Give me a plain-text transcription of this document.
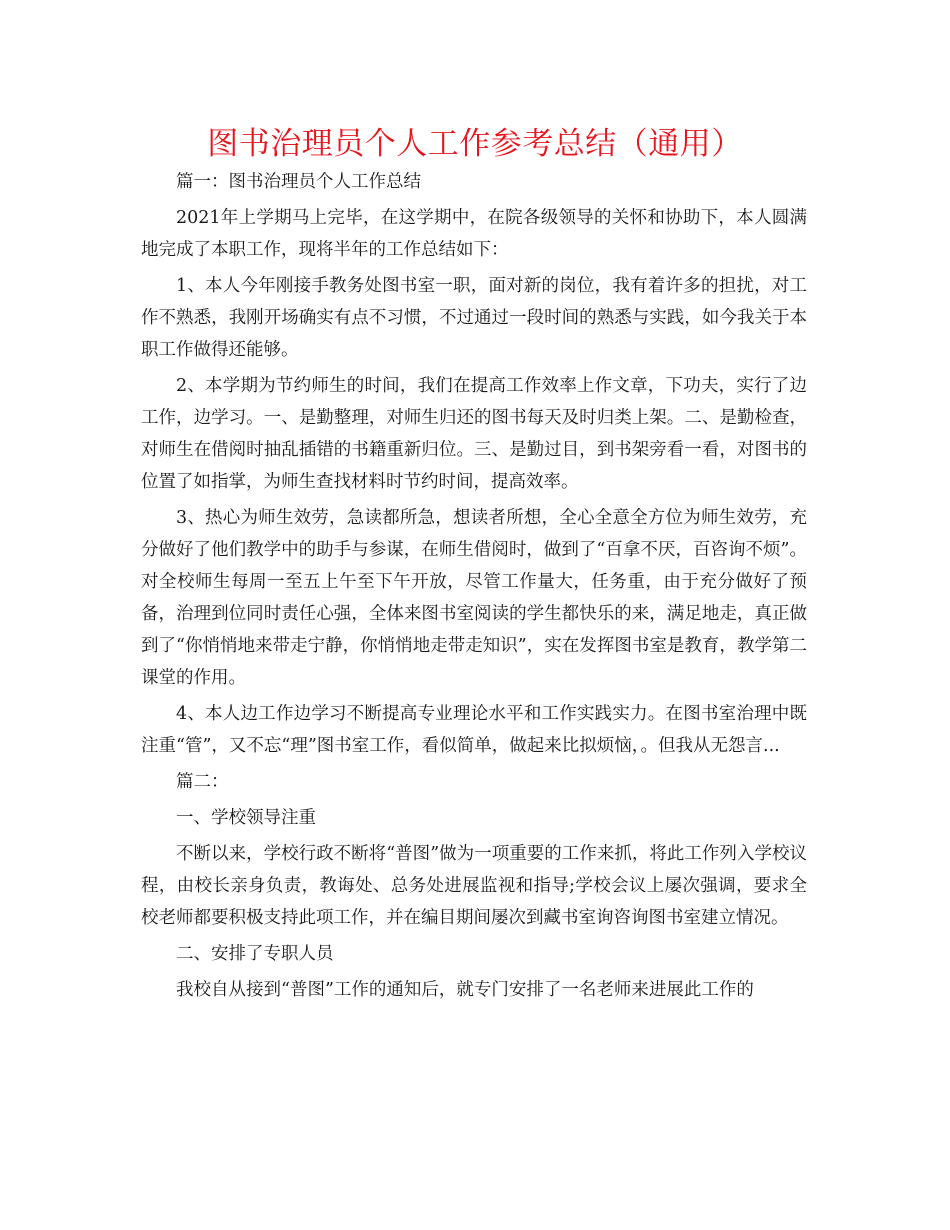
图书治理员个人工作参考总结（通用）

篇一：图书治理员个人工作总结

2021年上学期马上完毕，在这学期中，在院各级领导的关怀和协助下，本人圆满地完成了本职工作，现将半年的工作总结如下：

1、本人今年刚接手教务处图书室一职，面对新的岗位，我有着许多的担扰，对工作不熟悉，我刚开场确实有点不习惯，不过通过一段时间的熟悉与实践，如今我关于本职工作做得还能够。

2、本学期为节约师生的时间，我们在提高工作效率上作文章，下功夫，实行了边工作，边学习。一、是勤整理，对师生归还的图书每天及时归类上架。二、是勤检查，对师生在借阅时抽乱插错的书籍重新归位。三、是勤过目，到书架旁看一看，对图书的位置了如指掌，为师生查找材料时节约时间，提高效率。

3、热心为师生效劳，急读都所急，想读者所想，全心全意全方位为师生效劳，充分做好了他们教学中的助手与参谋，在师生借阅时，做到了“百拿不厌，百咨询不烦”。对全校师生每周一至五上午至下午开放，尽管工作量大，任务重，由于充分做好了预备，治理到位同时责任心强，全体来图书室阅读的学生都快乐的来，满足地走，真正做到了“你悄悄地来带走宁静，你悄悄地走带走知识”，实在发挥图书室是教育，教学第二课堂的作用。

4、本人边工作边学习不断提高专业理论水平和工作实践实力。在图书室治理中既注重“管”，又不忘“理”图书室工作，看似简单，做起来比拟烦恼，。但我从无怨言...

篇二：

一、学校领导注重

不断以来，学校行政不断将“普图”做为一项重要的工作来抓，将此工作列入学校议程，由校长亲身负责，教诲处、总务处进展监视和指导;学校会议上屡次强调，要求全校老师都要积极支持此项工作，并在编目期间屡次到藏书室询咨询图书室建立情况。

二、安排了专职人员

我校自从接到“普图”工作的通知后，就专门安排了一名老师来进展此工作的
